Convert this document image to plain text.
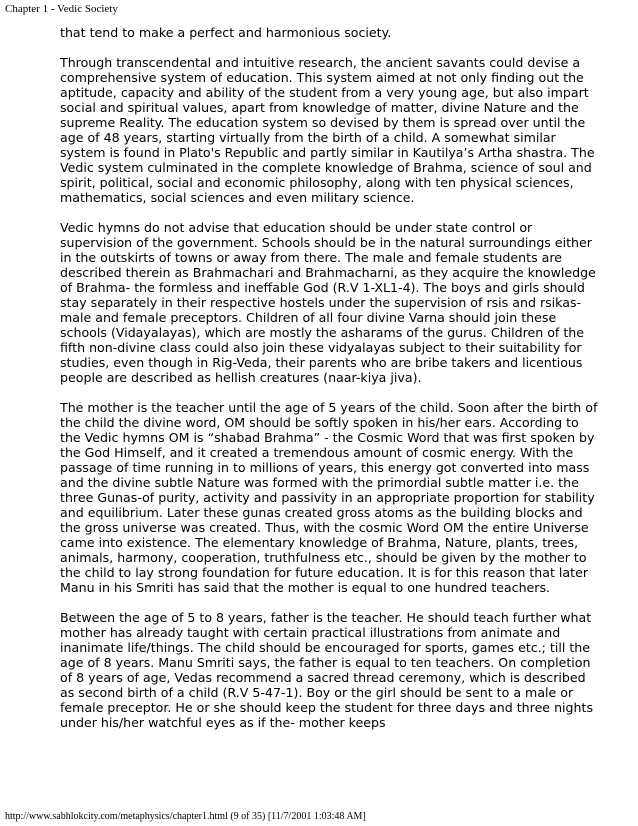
Chapter 1 - Vedic Society

that tend to make a perfect and harmonious society.

Through transcendental and intuitive research, the ancient savants could devise a comprehensive system of education. This system aimed at not only finding out the aptitude, capacity and ability of the student from a very young age, but also impart social and spiritual values, apart from knowledge of matter, divine Nature and the supreme Reality. The education system so devised by them is spread over until the age of 48 years, starting virtually from the birth of a child. A somewhat similar system is found in Plato's Republic and partly similar in Kautilya’s Artha shastra. The Vedic system culminated in the complete knowledge of Brahma, science of soul and spirit, political, social and economic philosophy, along with ten physical sciences, mathematics, social sciences and even military science.

Vedic hymns do not advise that education should be under state control or supervision of the government. Schools should be in the natural surroundings either in the outskirts of towns or away from there. The male and female students are described therein as Brahmachari and Brahmacharni, as they acquire the knowledge of Brahma- the formless and ineffable God (R.V 1-XL1-4). The boys and girls should stay separately in their respective hostels under the supervision of rsis and rsikas-male and female preceptors. Children of all four divine Varna should join these schools (Vidayalayas), which are mostly the asharams of the gurus. Children of the fifth non-divine class could also join these vidyalayas subject to their suitability for studies, even though in Rig-Veda, their parents who are bribe takers and licentious people are described as hellish creatures (naar-kiya jiva).

The mother is the teacher until the age of 5 years of the child. Soon after the birth of the child the divine word, OM should be softly spoken in his/her ears. According to the Vedic hymns OM is “shabad Brahma” - the Cosmic Word that was first spoken by the God Himself, and it created a tremendous amount of cosmic energy. With the passage of time running in to millions of years, this energy got converted into mass and the divine subtle Nature was formed with the primordial subtle matter i.e. the three Gunas-of purity, activity and passivity in an appropriate proportion for stability and equilibrium. Later these gunas created gross atoms as the building blocks and the gross universe was created. Thus, with the cosmic Word OM the entire Universe came into existence. The elementary knowledge of Brahma, Nature, plants, trees, animals, harmony, cooperation, truthfulness etc., should be given by the mother to the child to lay strong foundation for future education. It is for this reason that later Manu in his Smriti has said that the mother is equal to one hundred teachers.

Between the age of 5 to 8 years, father is the teacher. He should teach further what mother has already taught with certain practical illustrations from animate and inanimate life/things. The child should be encouraged for sports, games etc.; till the age of 8 years. Manu Smriti says, the father is equal to ten teachers. On completion of 8 years of age, Vedas recommend a sacred thread ceremony, which is described as second birth of a child (R.V 5-47-1). Boy or the girl should be sent to a male or female preceptor. He or she should keep the student for three days and three nights under his/her watchful eyes as if the- mother keeps

http://www.sabhlokcity.com/metaphysics/chapter1.html (9 of 35) [11/7/2001 1:03:48 AM]
